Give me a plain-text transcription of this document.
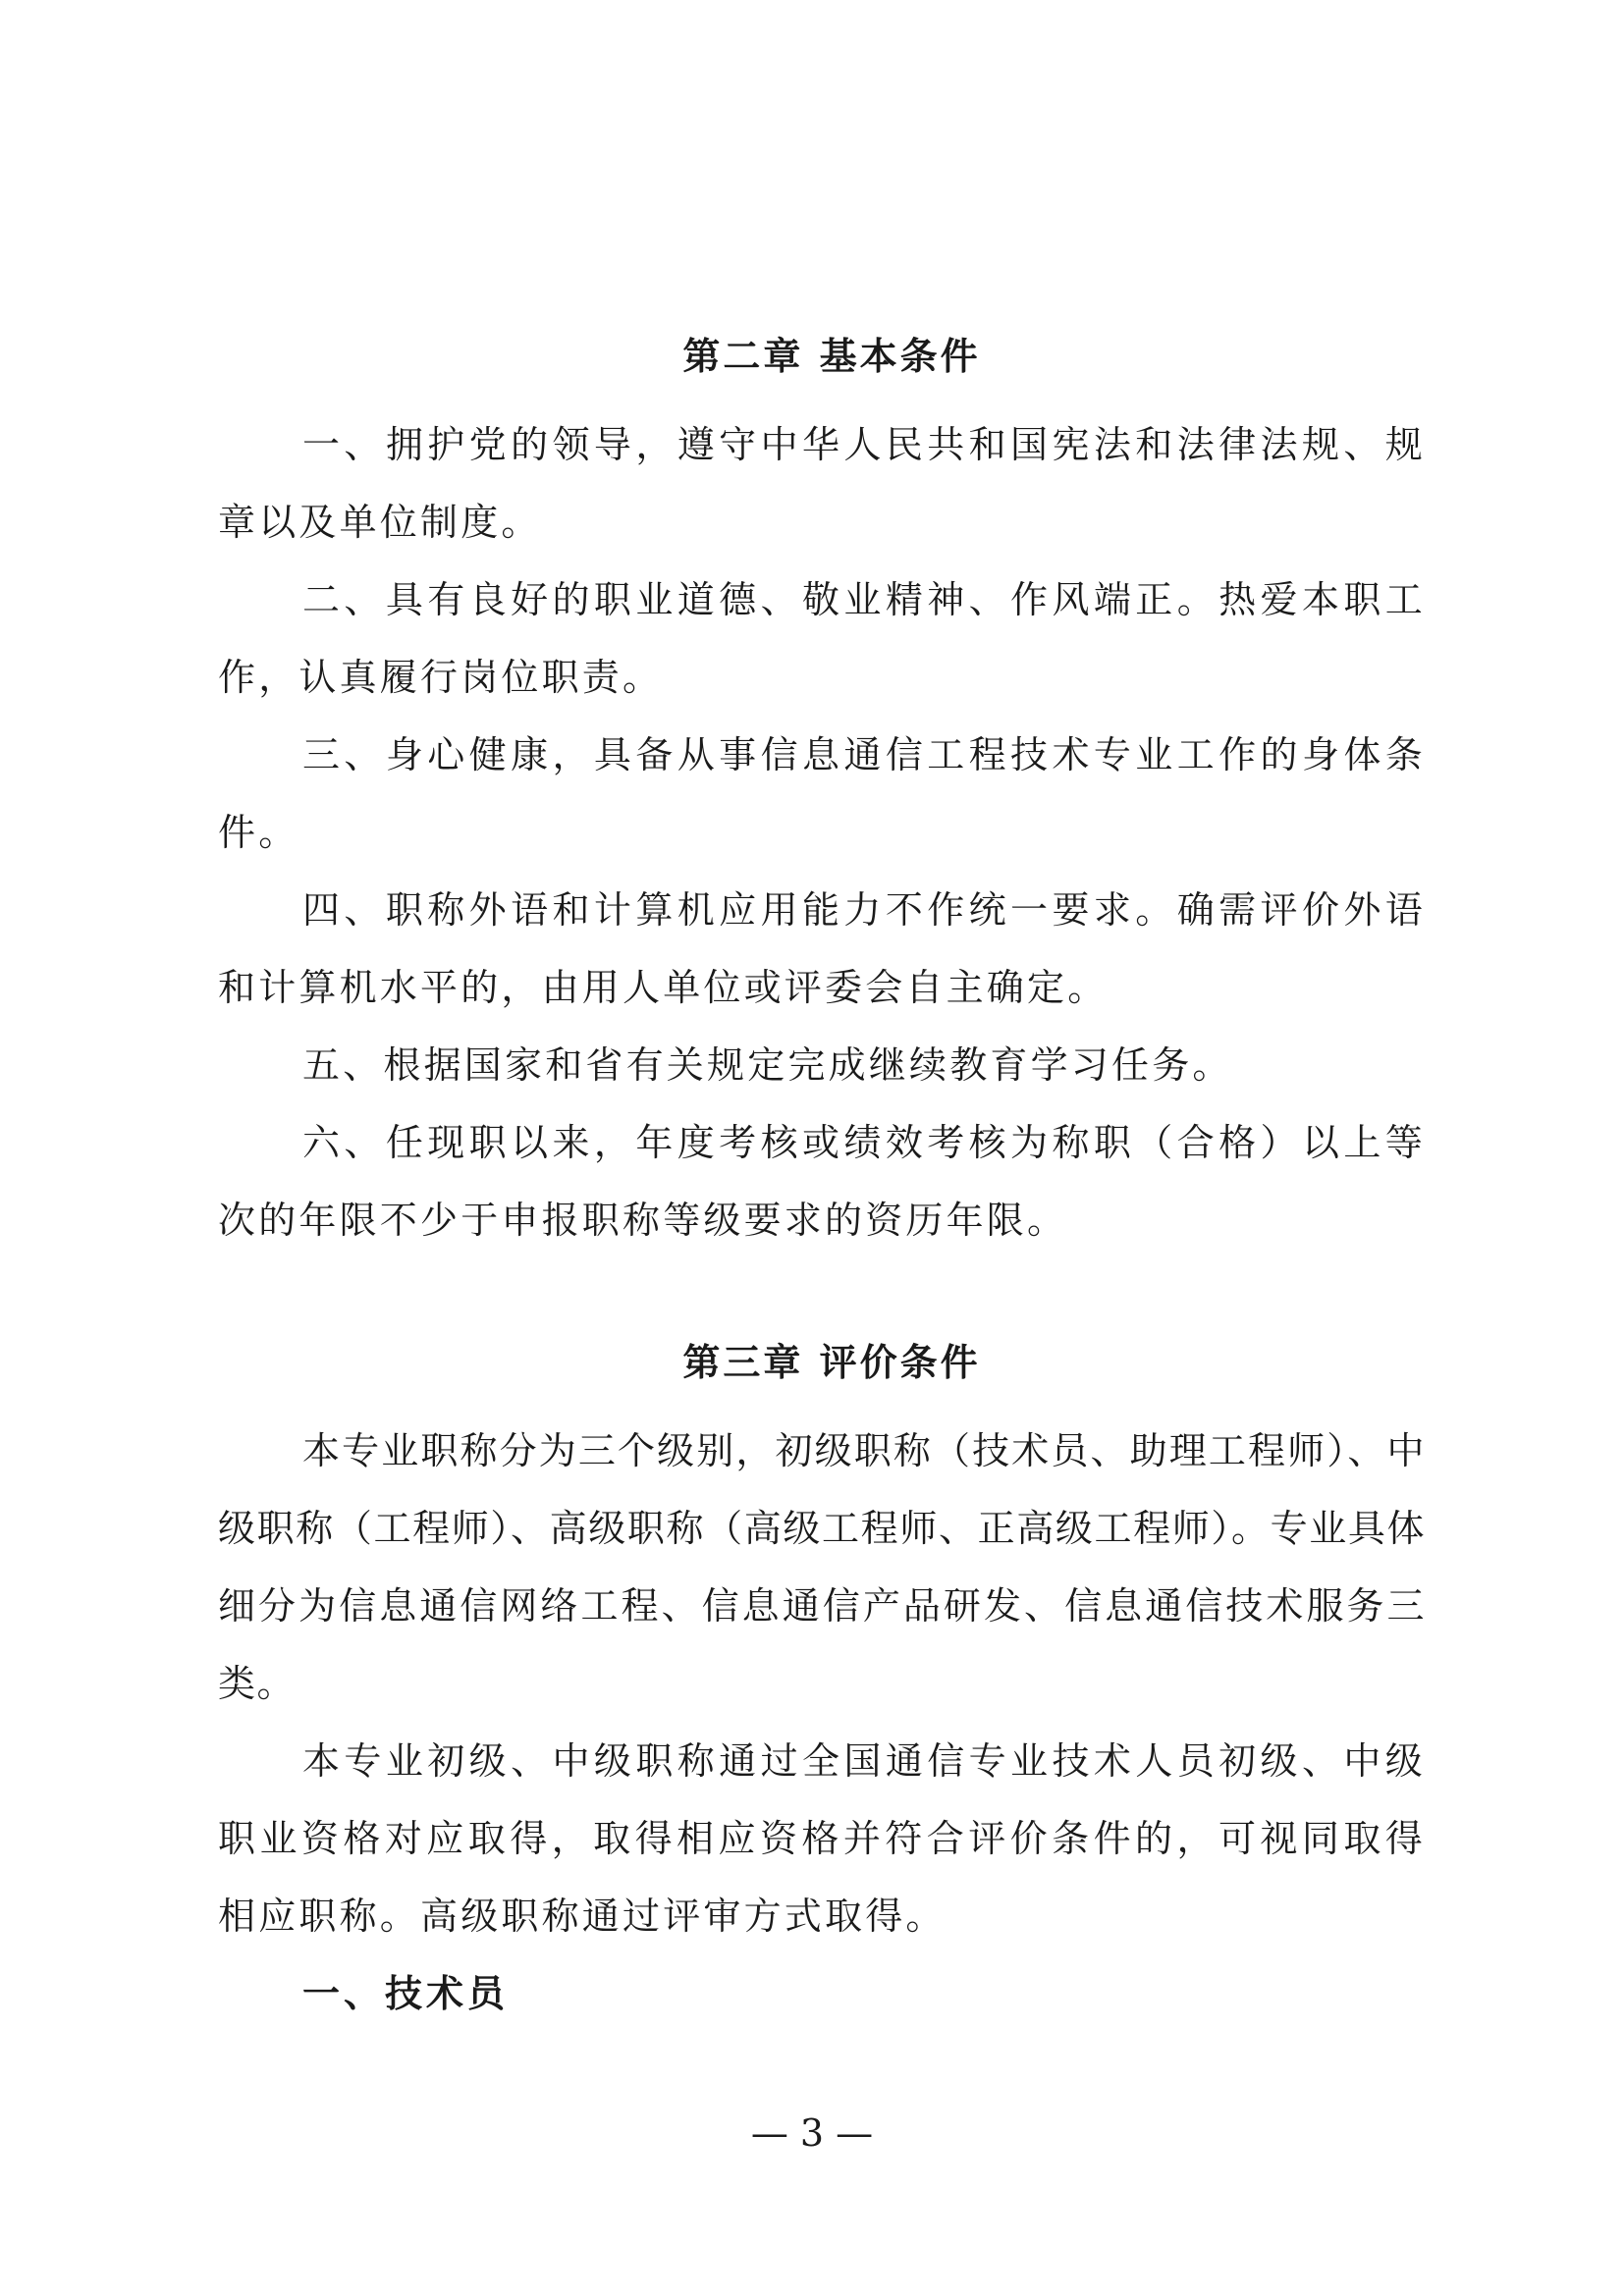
第二章 基本条件

一、拥护党的领导，遵守中华人民共和国宪法和法律法规、规章以及单位制度。

二、具有良好的职业道德、敬业精神、作风端正。热爱本职工作，认真履行岗位职责。

三、身心健康，具备从事信息通信工程技术专业工作的身体条件。

四、职称外语和计算机应用能力不作统一要求。确需评价外语和计算机水平的，由用人单位或评委会自主确定。

五、根据国家和省有关规定完成继续教育学习任务。

六、任现职以来，年度考核或绩效考核为称职（合格）以上等次的年限不少于申报职称等级要求的资历年限。

第三章 评价条件

本专业职称分为三个级别，初级职称（技术员、助理工程师）、中级职称（工程师）、高级职称（高级工程师、正高级工程师）。专业具体细分为信息通信网络工程、信息通信产品研发、信息通信技术服务三类。

本专业初级、中级职称通过全国通信专业技术人员初级、中级职业资格对应取得，取得相应资格并符合评价条件的，可视同取得相应职称。高级职称通过评审方式取得。

一、技术员

— 3 —
